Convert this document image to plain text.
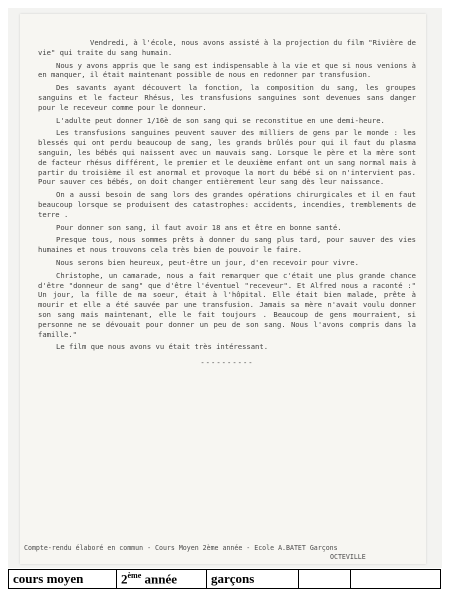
Vendredi, à l'école, nous avons assisté à la projection du film "Rivière de vie" qui traite du sang humain.

Nous y avons appris que le sang est indispensable à la vie et que si nous venions à en manquer, il était maintenant possible de nous en redonner par transfusion.

Des savants ayant découvert la fonction, la composition du sang, les groupes sanguins et le facteur Rhésus, les transfusions sanguines sont devenues sans danger pour le receveur comme pour le donneur.

L'adulte peut donner 1/16è de son sang qui se reconstitue en une demi-heure.

Les transfusions sanguines peuvent sauver des milliers de gens par le monde : les blessés qui ont perdu beaucoup de sang, les grands brûlés pour qui il faut du plasma sanguin, les bébés qui naissent avec un mauvais sang. Lorsque le père et la mère sont de facteur rhésus différent, le premier et le deuxième enfant ont un sang normal mais à partir du troisième il est anormal et provoque la mort du bébé si on n'intervient pas. Pour sauver ces bébés, on doit changer entièrement leur sang dès leur naissance.

On a aussi besoin de sang lors des grandes opérations chirurgicales et il en faut beaucoup lorsque se produisent des catastrophes: accidents, incendies, tremblements de terre .

Pour donner son sang, il faut avoir 18 ans et être en bonne santé.

Presque tous, nous sommes prêts à donner du sang plus tard, pour sauver des vies humaines et nous trouvons cela très bien de pouvoir le faire.

Nous serons bien heureux, peut-être un jour, d'en recevoir pour vivre.

Christophe, un camarade, nous a fait remarquer que c'était une plus grande chance d'être "donneur de sang" que d'être l'éventuel "receveur". Et Alfred nous a raconté :" Un jour, la fille de ma soeur, était à l'hôpital. Elle était bien malade, prête à mourir et elle a été sauvée par une transfusion. Jamais sa mère n'avait voulu donner son sang mais maintenant, elle le fait toujours . Beaucoup de gens mourraient, si personne ne se dévouait pour donner un peu de son sang. Nous l'avons compris dans la famille."

Le film que nous avons vu était très intéressant.

----------

Compte-rendu élaboré en commun - Cours Moyen 2ème année - Ecole A.BATET Garçons
OCTEVILLE
cours moyen	2ème année	garçons		
